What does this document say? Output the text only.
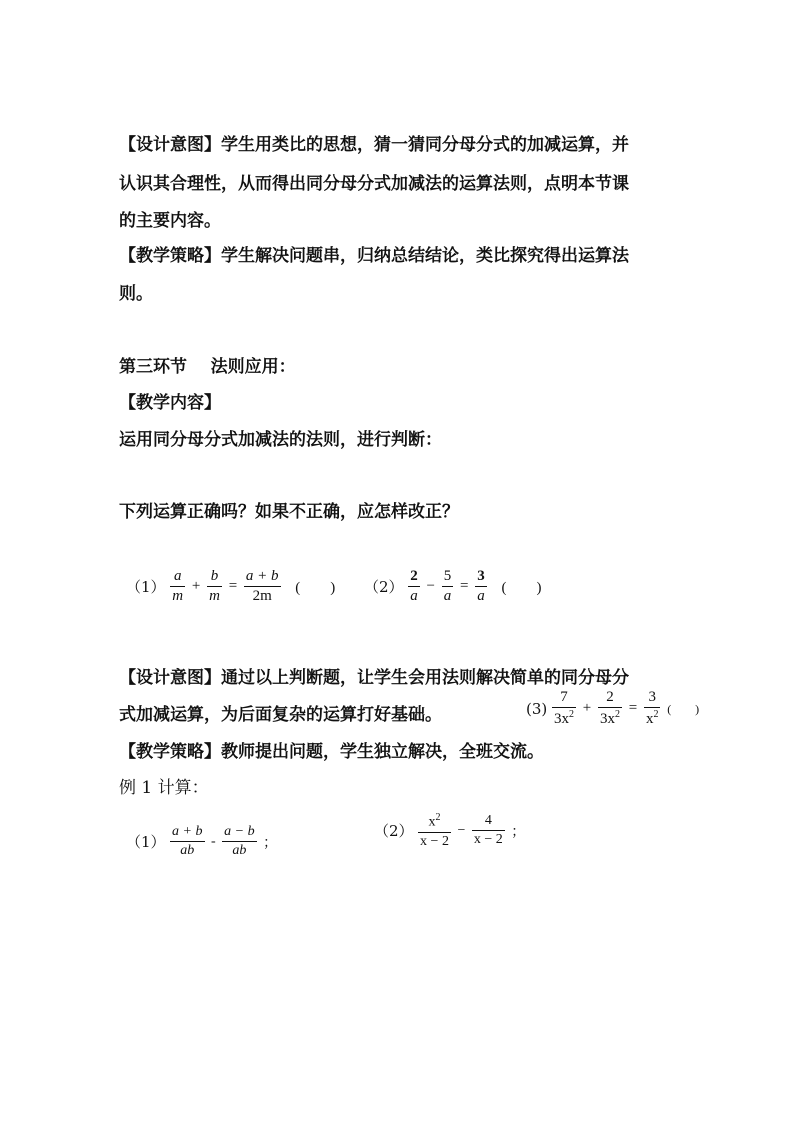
【设计意图】学生用类比的思想，猜一猜同分母分式的加减运算，并
认识其合理性，从而得出同分母分式加减法的运算法则，点明本节课
的主要内容。
【教学策略】学生解决问题串，归纳总结结论，类比探究得出运算法
则。
第三环节    法则应用：
【教学内容】
运用同分母分式加减法的法则，进行判断：
下列运算正确吗？如果不正确，应怎样改正？
$(1) \frac{a}{m} + \frac{b}{m} = \frac{a + b}{2m}$ (　　) $(2) \frac{2}{a} - \frac{5}{a} = \frac{3}{a}$ (　　)
【设计意图】通过以上判断题，让学生会用法则解决简单的同分母分
式加减运算，为后面复杂的运算打好基础。	$(3) \frac{7}{3x^2} + \frac{2}{3x^2} = \frac{3}{x^2}$ (　　)
【教学策略】教师提出问题，学生独立解决，全班交流。
例 1 计算：
$(1) \frac{a + b}{ab} - \frac{a - b}{ab}$ ；
$(2) \frac{x^2}{x - 2} - \frac{4}{x - 2}$ ；
